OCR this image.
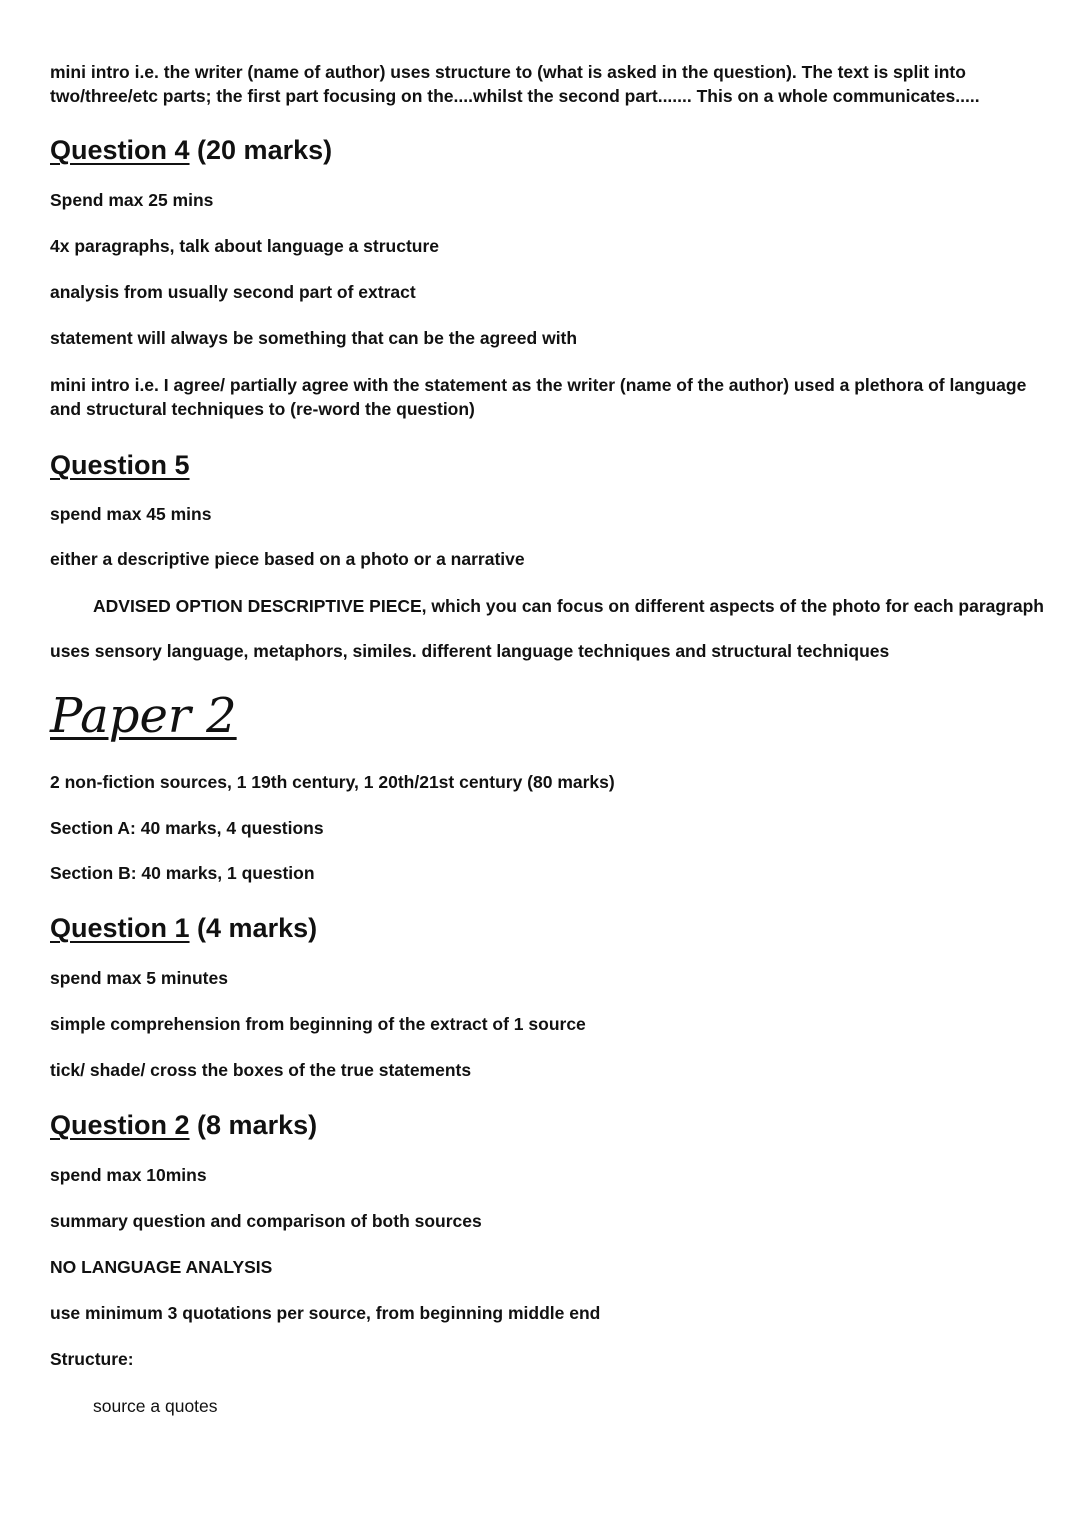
mini intro i.e. the writer (name of author) uses structure to (what is asked in the question). The text is split into two/three/etc parts; the first part focusing on the....whilst the second part....... This on a whole communicates.....

Question 4 (20 marks)

Spend max 25 mins

4x paragraphs, talk about language a structure

analysis from usually second part of extract

statement will always be something that can be the agreed with

mini intro i.e. I agree/ partially agree with the statement as the writer (name of the author) used a plethora of language and structural techniques to (re-word the question)

Question 5

spend max 45 mins

either a descriptive piece based on a photo or a narrative

ADVISED OPTION DESCRIPTIVE PIECE, which you can focus on different aspects of the photo for each paragraph

uses sensory language, metaphors, similes. different language techniques and structural techniques

Paper 2

2 non-fiction sources, 1 19th century, 1 20th/21st century (80 marks)

Section A: 40 marks, 4 questions

Section B: 40 marks, 1 question

Question 1 (4 marks)

spend max 5 minutes

simple comprehension from beginning of the extract of 1 source

tick/ shade/ cross the boxes of the true statements

Question 2 (8 marks)

spend max 10mins

summary question and comparison of both sources

NO LANGUAGE ANALYSIS

use minimum 3 quotations per source, from beginning middle end

Structure:

source a quotes
